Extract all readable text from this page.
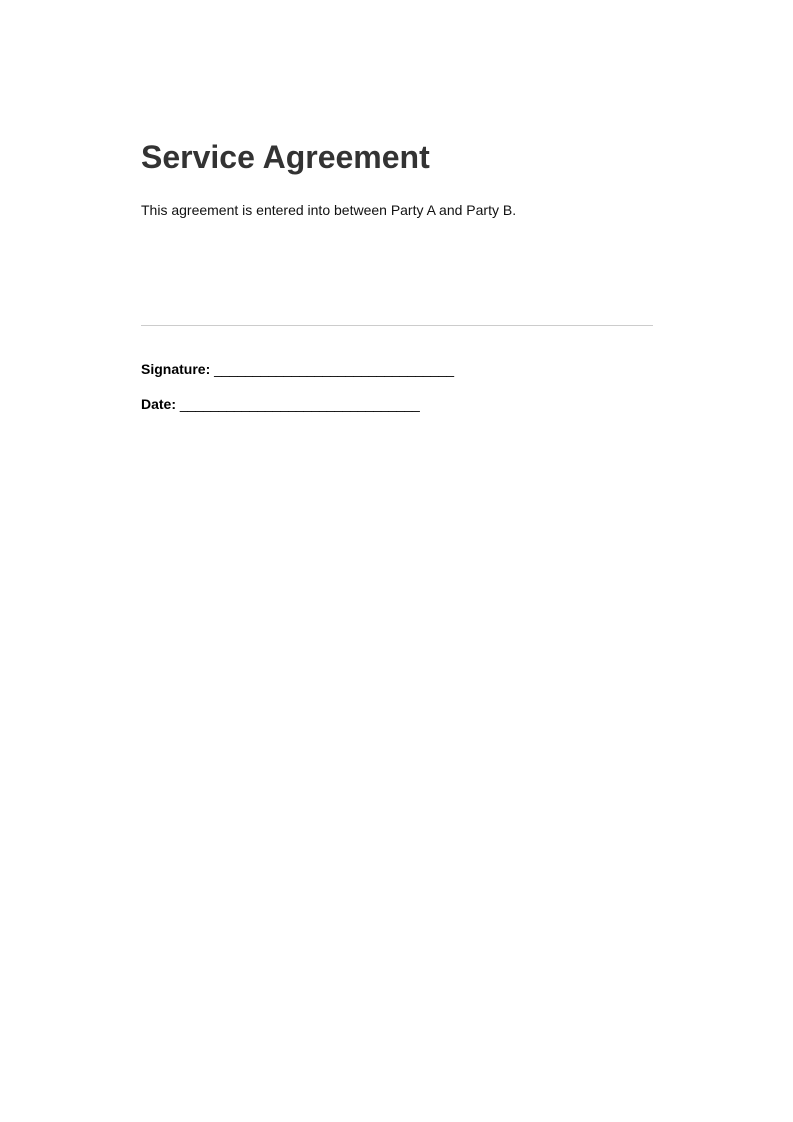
Service Agreement

This agreement is entered into between Party A and Party B.

Signature: _______________________________
Date: _______________________________
